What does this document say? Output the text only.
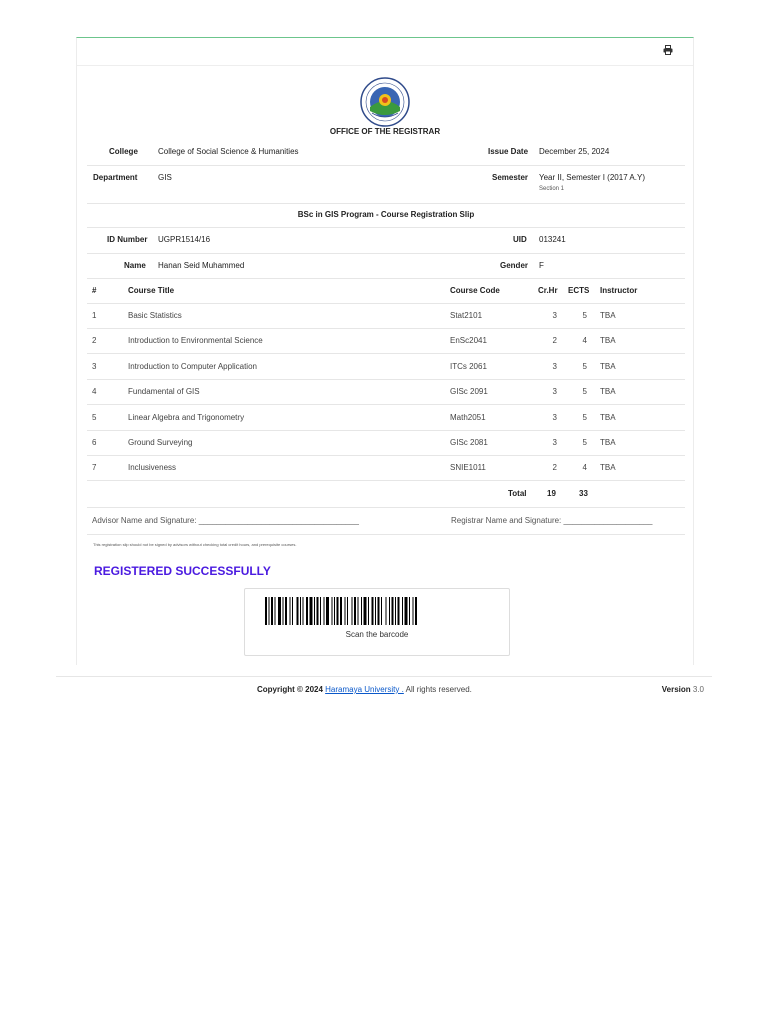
OFFICE OF THE REGISTRAR
College	College of Social Science & Humanities	Issue Date December 25, 2024
Department	GIS	Semester Year II, Semester I (2017 A.Y)
Section 1
BSc in GIS Program - Course Registration Slip
ID Number UGPR1514/16	UID 013241
Name Hanan Seid Muhammed	Gender F
#	Course Title	Course Code	Cr.Hr ECTS Instructor
1	Basic Statistics	Stat2101	3	5 TBA
2	Introduction to Environmental Science	EnSc2041	2	4 TBA
3	Introduction to Computer Application	ITCs 2061	3	5 TBA
4	Fundamental of GIS	GISc 2091	3	5 TBA
5	Linear Algebra and Trigonometry	Math2051	3	5 TBA
6	Ground Surveying	GISc 2081	3	5 TBA
7	Inclusiveness	SNIE1011	2	4 TBA
Total	19	33
Advisor Name and Signature: ____________________________________	Registrar Name and Signature: ____________________
This registration slip should not be signed by advisors without checking total credit hours, and prerequisite courses.
REGISTERED SUCCESSFULLY
Scan the barcode
Copyright © 2024 Haramaya University . All rights reserved.	Version 3.0
